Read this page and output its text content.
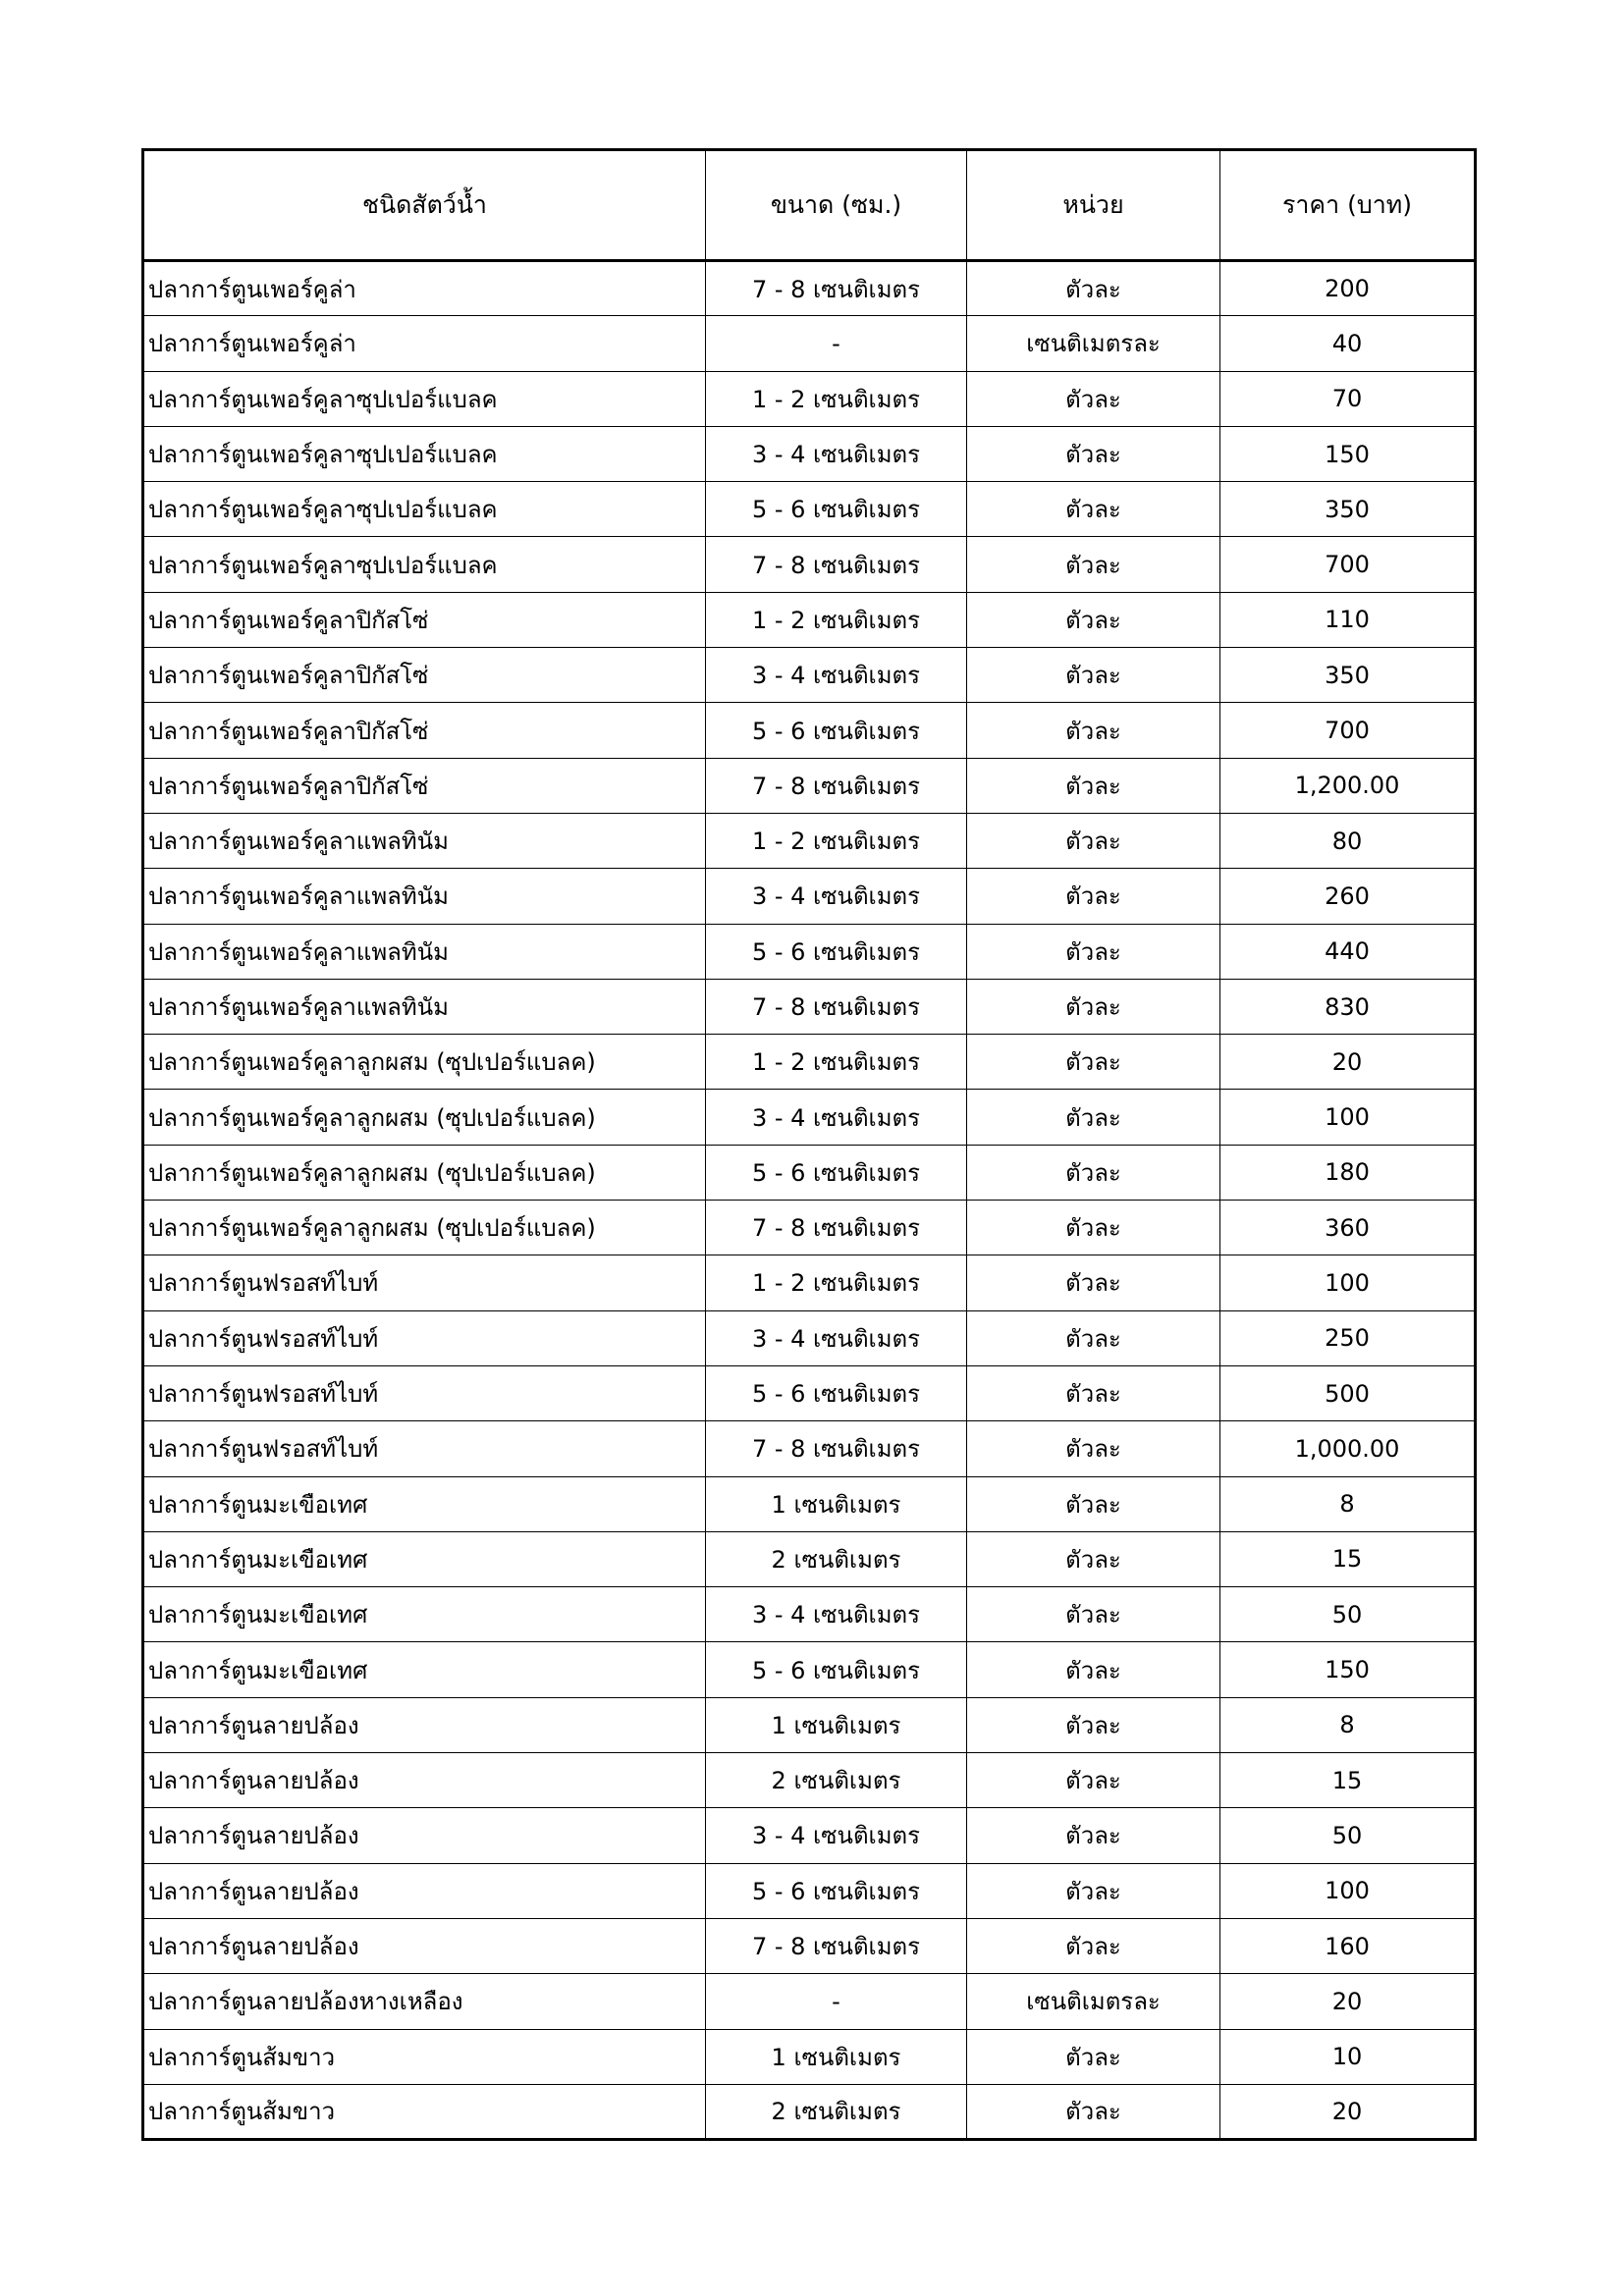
ชนิดสัตว์น้ำ	ขนาด (ซม.)	หน่วย	ราคา (บาท)
ปลาการ์ตูนเพอร์คูล่า	7 - 8 เซนติเมตร	ตัวละ	200
ปลาการ์ตูนเพอร์คูล่า	-	เซนติเมตรละ	40
ปลาการ์ตูนเพอร์คูลาซุปเปอร์แบลค	1 - 2 เซนติเมตร	ตัวละ	70
ปลาการ์ตูนเพอร์คูลาซุปเปอร์แบลค	3 - 4 เซนติเมตร	ตัวละ	150
ปลาการ์ตูนเพอร์คูลาซุปเปอร์แบลค	5 - 6 เซนติเมตร	ตัวละ	350
ปลาการ์ตูนเพอร์คูลาซุปเปอร์แบลค	7 - 8 เซนติเมตร	ตัวละ	700
ปลาการ์ตูนเพอร์คูลาปิกัสโซ่	1 - 2 เซนติเมตร	ตัวละ	110
ปลาการ์ตูนเพอร์คูลาปิกัสโซ่	3 - 4 เซนติเมตร	ตัวละ	350
ปลาการ์ตูนเพอร์คูลาปิกัสโซ่	5 - 6 เซนติเมตร	ตัวละ	700
ปลาการ์ตูนเพอร์คูลาปิกัสโซ่	7 - 8 เซนติเมตร	ตัวละ	1,200.00
ปลาการ์ตูนเพอร์คูลาแพลทินัม	1 - 2 เซนติเมตร	ตัวละ	80
ปลาการ์ตูนเพอร์คูลาแพลทินัม	3 - 4 เซนติเมตร	ตัวละ	260
ปลาการ์ตูนเพอร์คูลาแพลทินัม	5 - 6 เซนติเมตร	ตัวละ	440
ปลาการ์ตูนเพอร์คูลาแพลทินัม	7 - 8 เซนติเมตร	ตัวละ	830
ปลาการ์ตูนเพอร์คูลาลูกผสม (ซุปเปอร์แบลค)	1 - 2 เซนติเมตร	ตัวละ	20
ปลาการ์ตูนเพอร์คูลาลูกผสม (ซุปเปอร์แบลค)	3 - 4 เซนติเมตร	ตัวละ	100
ปลาการ์ตูนเพอร์คูลาลูกผสม (ซุปเปอร์แบลค)	5 - 6 เซนติเมตร	ตัวละ	180
ปลาการ์ตูนเพอร์คูลาลูกผสม (ซุปเปอร์แบลค)	7 - 8 เซนติเมตร	ตัวละ	360
ปลาการ์ตูนฟรอสท์ไบท์	1 - 2 เซนติเมตร	ตัวละ	100
ปลาการ์ตูนฟรอสท์ไบท์	3 - 4 เซนติเมตร	ตัวละ	250
ปลาการ์ตูนฟรอสท์ไบท์	5 - 6 เซนติเมตร	ตัวละ	500
ปลาการ์ตูนฟรอสท์ไบท์	7 - 8 เซนติเมตร	ตัวละ	1,000.00
ปลาการ์ตูนมะเขือเทศ	1 เซนติเมตร	ตัวละ	8
ปลาการ์ตูนมะเขือเทศ	2 เซนติเมตร	ตัวละ	15
ปลาการ์ตูนมะเขือเทศ	3 - 4 เซนติเมตร	ตัวละ	50
ปลาการ์ตูนมะเขือเทศ	5 - 6 เซนติเมตร	ตัวละ	150
ปลาการ์ตูนลายปล้อง	1 เซนติเมตร	ตัวละ	8
ปลาการ์ตูนลายปล้อง	2 เซนติเมตร	ตัวละ	15
ปลาการ์ตูนลายปล้อง	3 - 4 เซนติเมตร	ตัวละ	50
ปลาการ์ตูนลายปล้อง	5 - 6 เซนติเมตร	ตัวละ	100
ปลาการ์ตูนลายปล้อง	7 - 8 เซนติเมตร	ตัวละ	160
ปลาการ์ตูนลายปล้องหางเหลือง	-	เซนติเมตรละ	20
ปลาการ์ตูนส้มขาว	1 เซนติเมตร	ตัวละ	10
ปลาการ์ตูนส้มขาว	2 เซนติเมตร	ตัวละ	20
